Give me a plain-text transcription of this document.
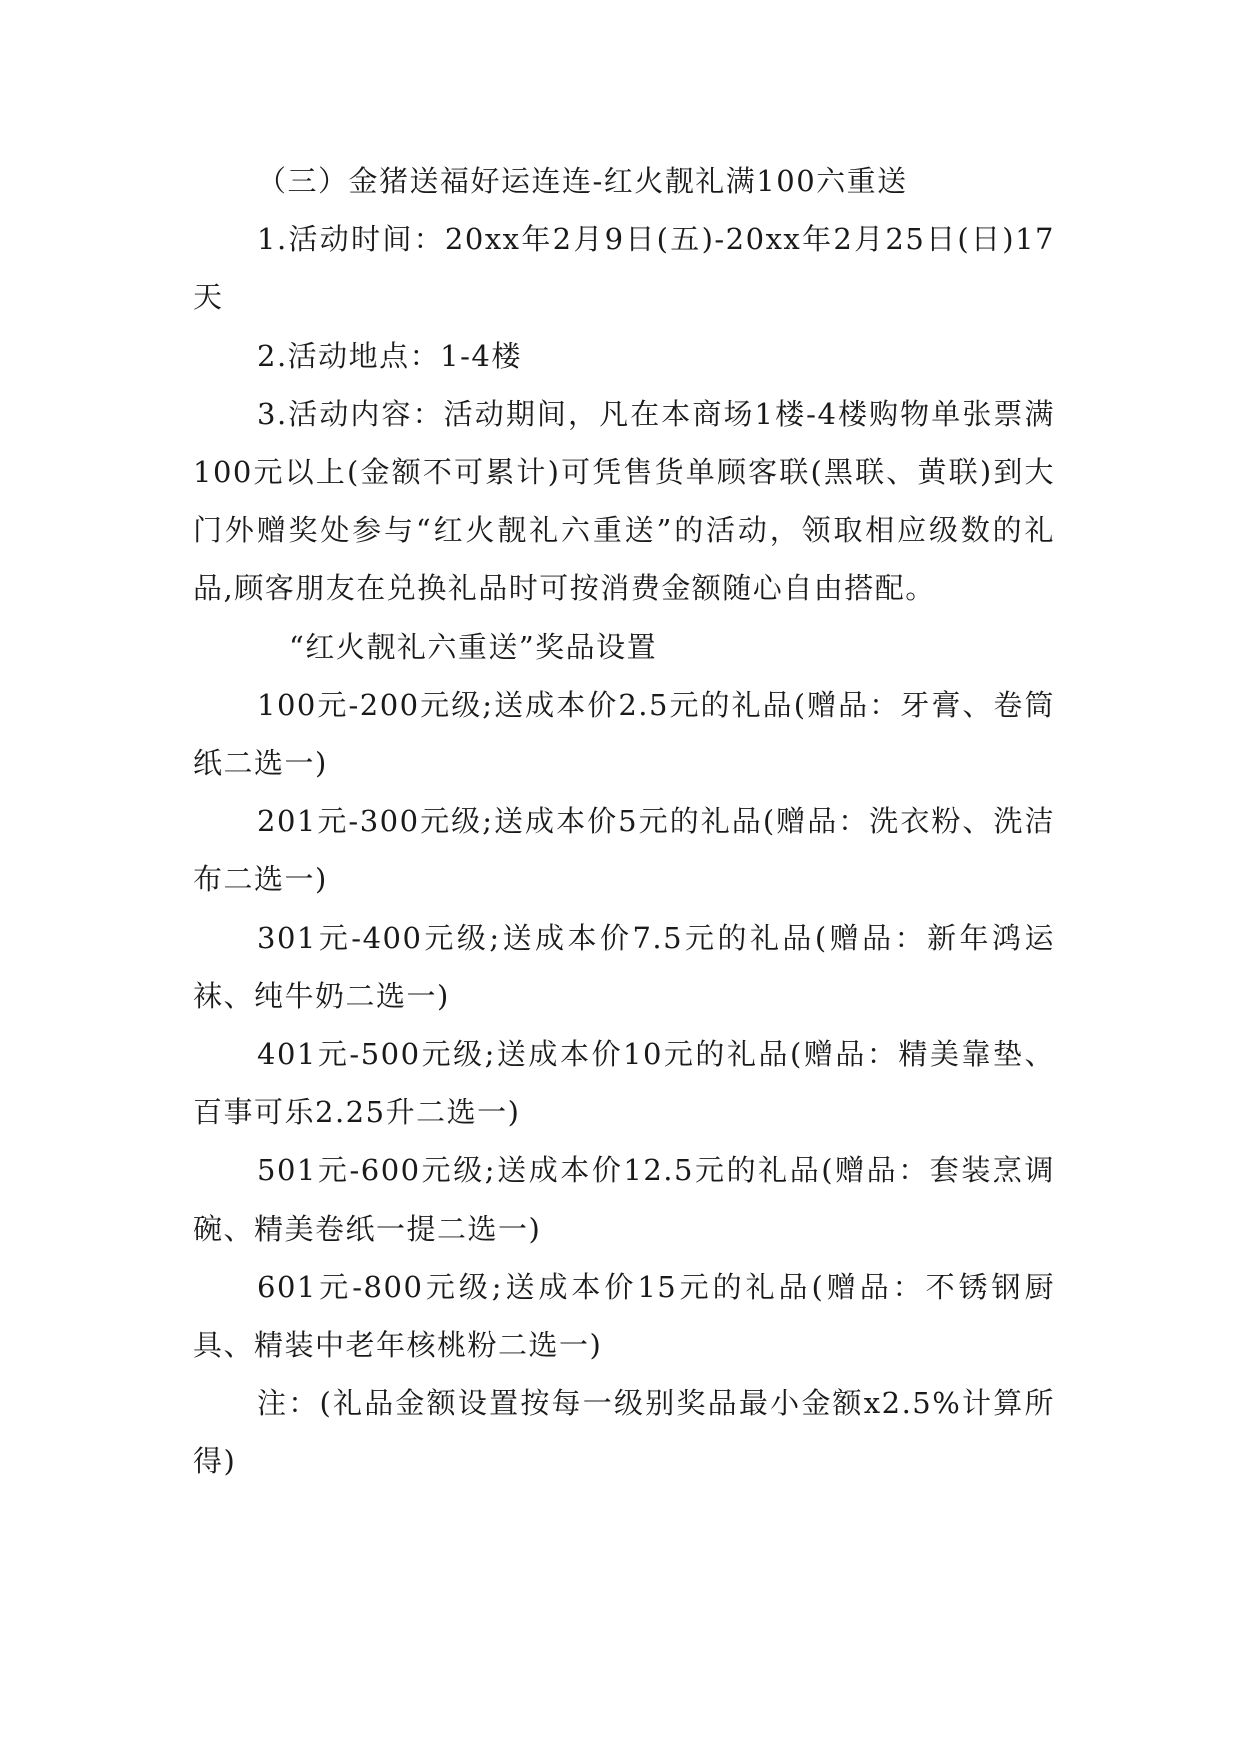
（三）金猪送福好运连连-红火靓礼满100六重送

1.活动时间：20xx年2月9日(五)-20xx年2月25日(日)17天

2.活动地点：1-4楼

3.活动内容：活动期间，凡在本商场1楼-4楼购物单张票满100元以上(金额不可累计)可凭售货单顾客联(黑联、黄联)到大门外赠奖处参与“红火靓礼六重送”的活动，领取相应级数的礼品,顾客朋友在兑换礼品时可按消费金额随心自由搭配。

“红火靓礼六重送”奖品设置

100元-200元级;送成本价2.5元的礼品(赠品：牙膏、卷筒纸二选一)

201元-300元级;送成本价5元的礼品(赠品：洗衣粉、洗洁布二选一)

301元-400元级;送成本价7.5元的礼品(赠品：新年鸿运袜、纯牛奶二选一)

401元-500元级;送成本价10元的礼品(赠品：精美靠垫、百事可乐2.25升二选一)

501元-600元级;送成本价12.5元的礼品(赠品：套装烹调碗、精美卷纸一提二选一)

601元-800元级;送成本价15元的礼品(赠品：不锈钢厨具、精装中老年核桃粉二选一)

注：(礼品金额设置按每一级别奖品最小金额x2.5%计算所得)
